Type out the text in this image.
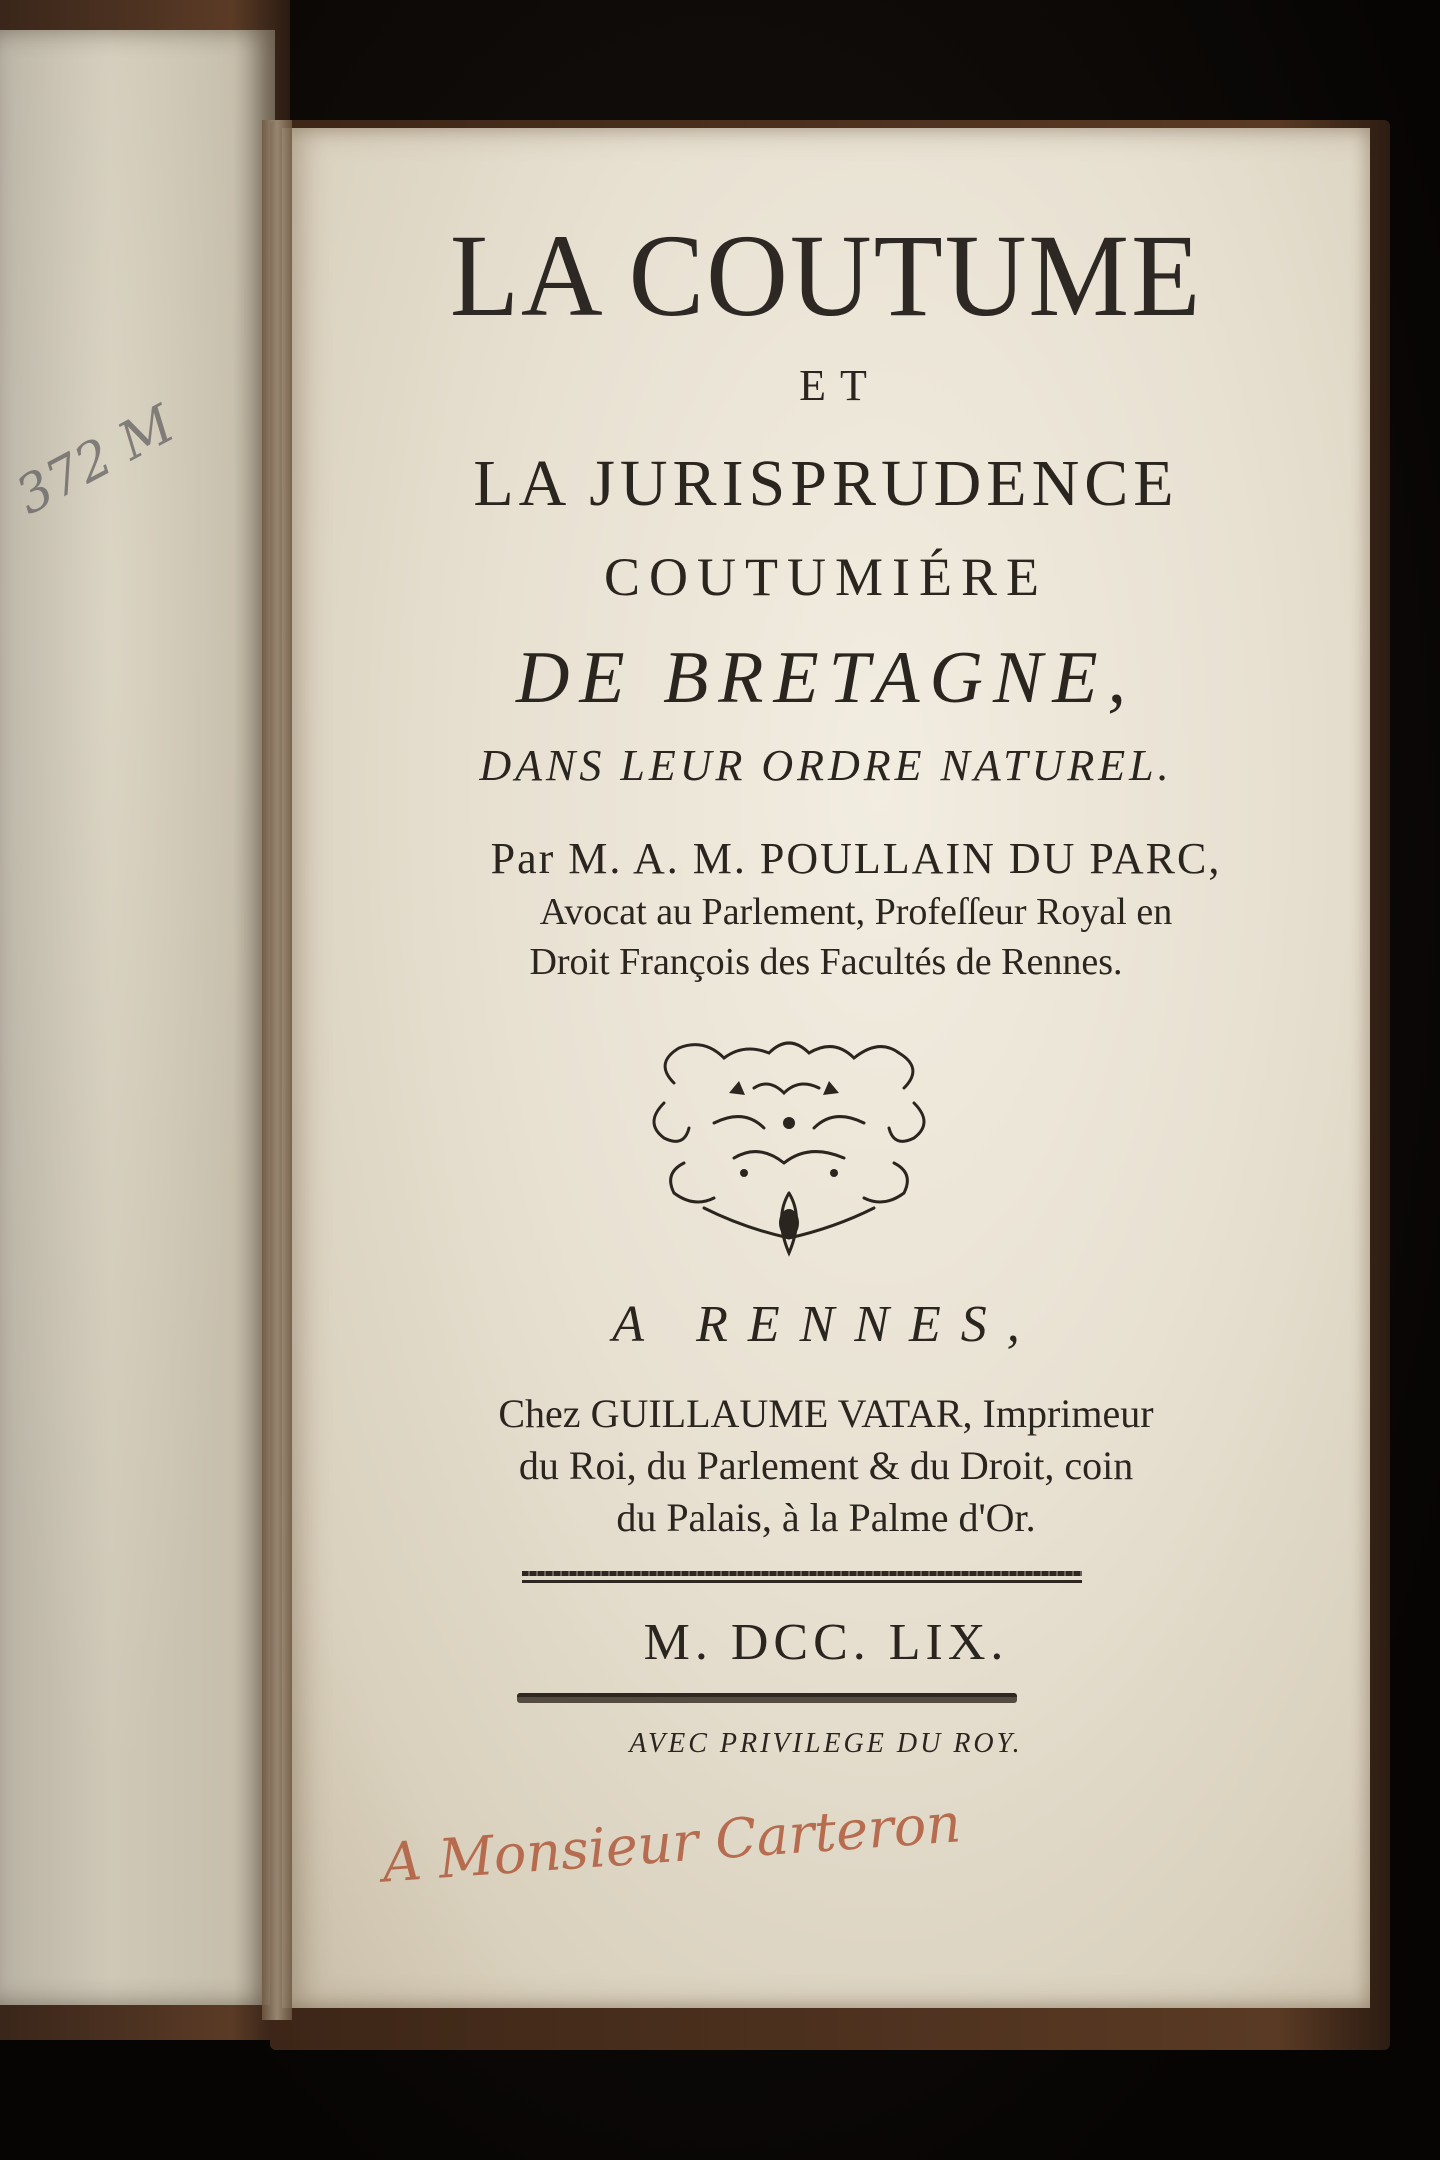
372 M
LA COUTUME
ET
LA JURISPRUDENCE
COUTUMIÉRE
DE BRETAGNE,
DANS LEUR ORDRE NATUREL.
Par M. A. M. POULLAIN DU PARC,
Avocat au Parlement, Profeſſeur Royal en
Droit François des Facultés de Rennes.
A RENNES,
Chez GUILLAUME VATAR, Imprimeur
du Roi, du Parlement & du Droit, coin
du Palais, à la Palme d'Or.
M. DCC. LIX.
AVEC PRIVILEGE DU ROY.
A Monsieur Carteron
